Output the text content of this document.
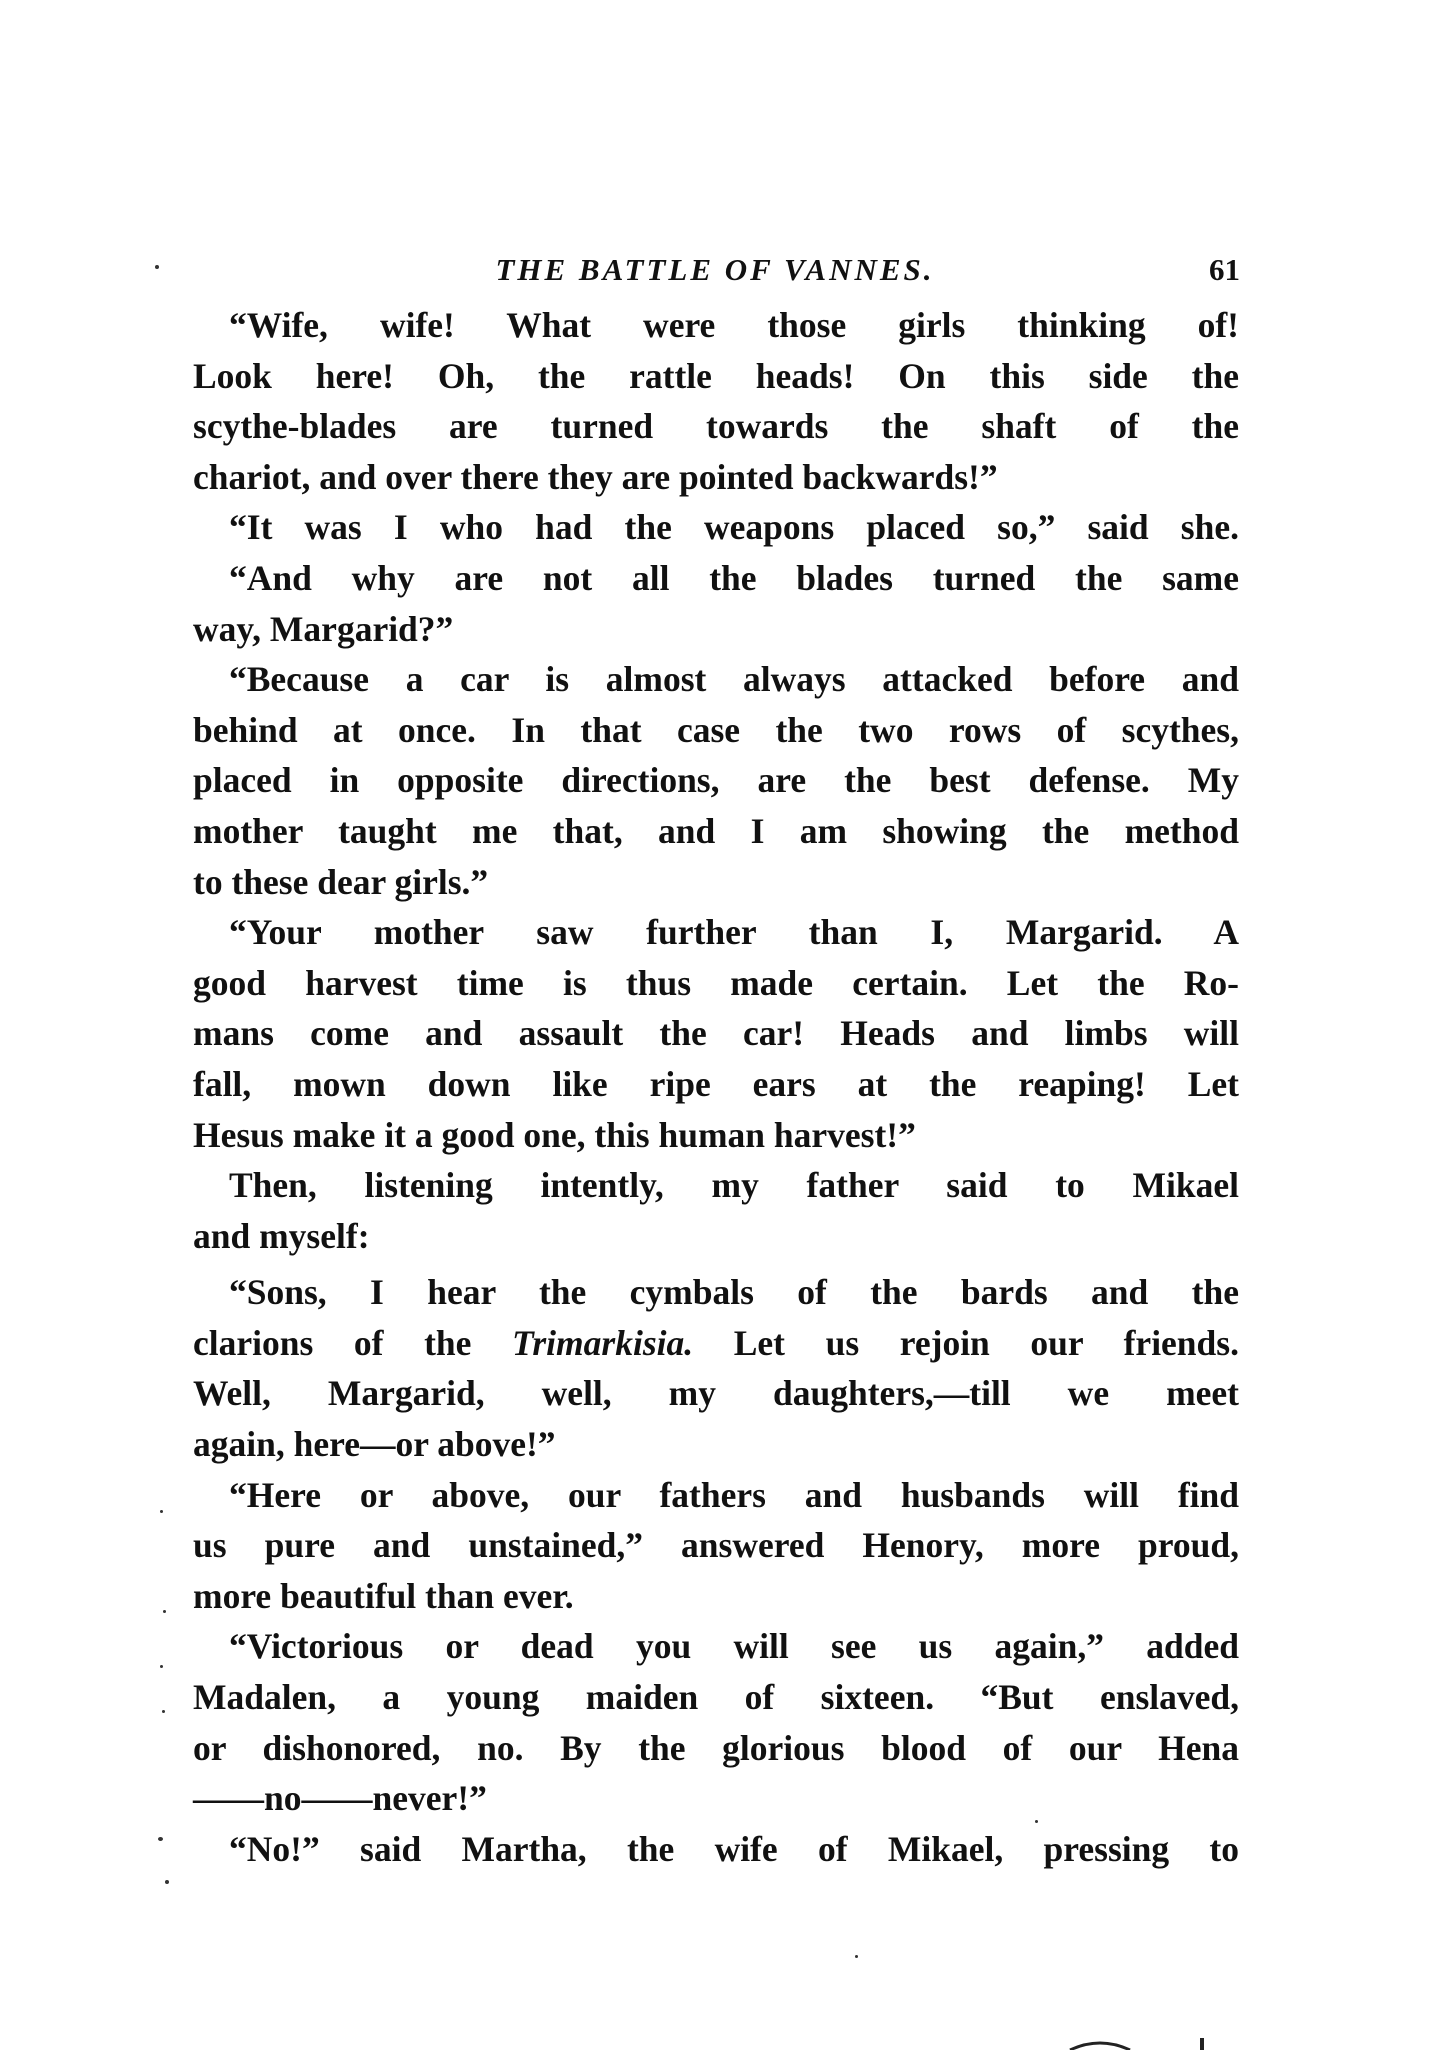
THE BATTLE OF VANNES.	61
“Wife, wife! What were those girls thinking of!
Look here! Oh, the rattle heads! On this side the
scythe-blades are turned towards the shaft of the
chariot, and over there they are pointed backwards!”
“It was I who had the weapons placed so,” said she.
“And why are not all the blades turned the same
way, Margarid?”
“Because a car is almost always attacked before and
behind at once. In that case the two rows of scythes,
placed in opposite directions, are the best defense. My
mother taught me that, and I am showing the method
to these dear girls.”
“Your mother saw further than I, Margarid. A
good harvest time is thus made certain. Let the Ro-
mans come and assault the car! Heads and limbs will
fall, mown down like ripe ears at the reaping! Let
Hesus make it a good one, this human harvest!”
Then, listening intently, my father said to Mikael
and myself:
“Sons, I hear the cymbals of the bards and the
clarions of the Trimarkisia. Let us rejoin our friends.
Well, Margarid, well, my daughters,—till we meet
again, here—or above!”
“Here or above, our fathers and husbands will find
us pure and unstained,” answered Henory, more proud,
more beautiful than ever.
“Victorious or dead you will see us again,” added
Madalen, a young maiden of sixteen. “But enslaved,
or dishonored, no. By the glorious blood of our Hena
——no——never!”
“No!” said Martha, the wife of Mikael, pressing to
